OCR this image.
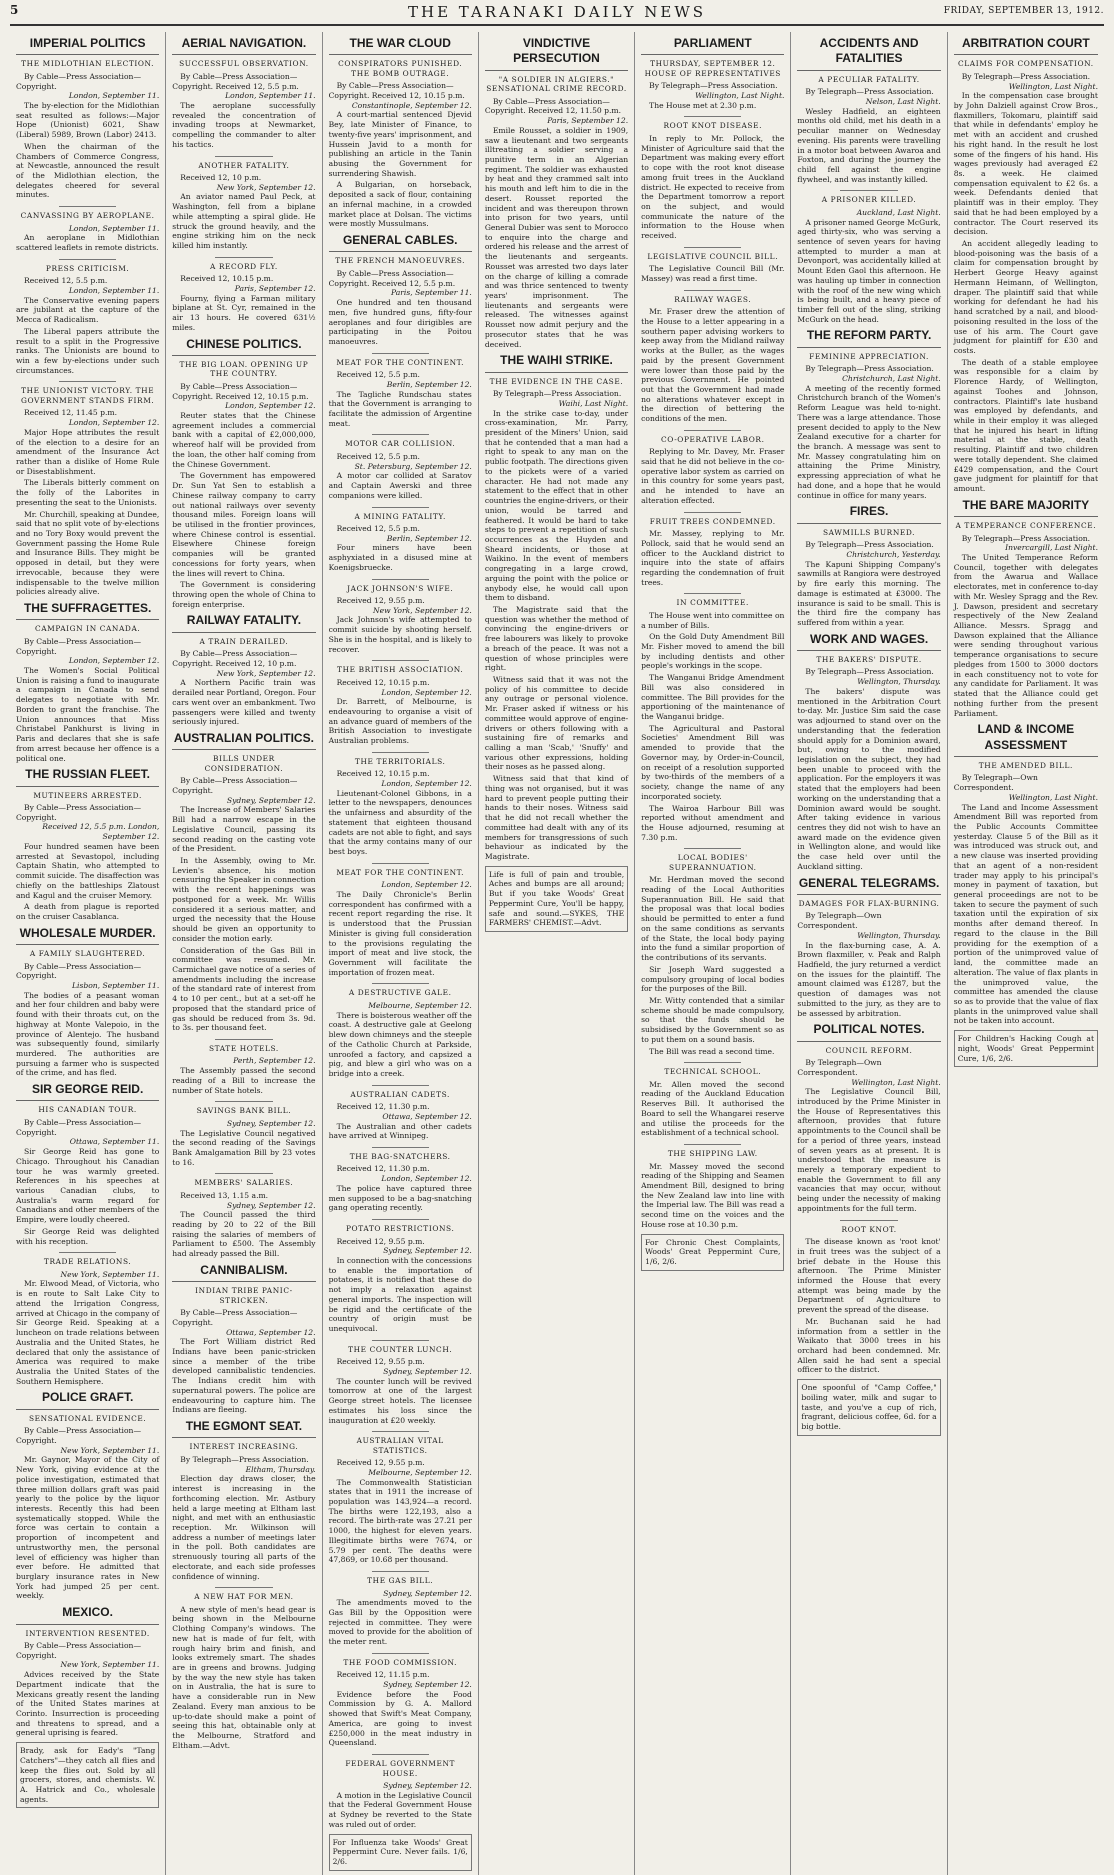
5	THE TARANAKI DAILY NEWS	FRIDAY, SEPTEMBER 13, 1912.
IMPERIAL POLITICS
THE MIDLOTHIAN ELECTION.

By Cable—Press Association—Copyright.

London, September 11.

The by-election for the Midlothian seat resulted as follows:—Major Hope (Unionist) 6021, Shaw (Liberal) 5989, Brown (Labor) 2413.

When the chairman of the Chambers of Commerce Congress, at Newcastle, announced the result of the Midlothian election, the delegates cheered for several minutes.

CANVASSING BY AEROPLANE.

London, September 11.

An aeroplane in Midlothian scattered leaflets in remote districts.

PRESS CRITICISM.

Received 12, 5.5 p.m.

London, September 11.

The Conservative evening papers are jubilant at the capture of the Mecca of Radicalism.

The Liberal papers attribute the result to a split in the Progressive ranks. The Unionists are bound to win a few by-elections under such circumstances.

THE UNIONIST VICTORY. THE GOVERNMENT STANDS FIRM.

Received 12, 11.45 p.m.

London, September 12.

Major Hope attributes the result of the election to a desire for an amendment of the Insurance Act rather than a dislike of Home Rule or Disestablishment.

The Liberals bitterly comment on the folly of the Laborites in presenting the seat to the Unionists.

Mr. Churchill, speaking at Dundee, said that no split vote of by-elections and no Tory Boxy would prevent the Government passing the Home Rule and Insurance Bills. They might be opposed in detail, but they were irrevocable, because they were indispensable to the twelve million policies already alive.

THE SUFFRAGETTES.
CAMPAIGN IN CANADA.

By Cable—Press Association—Copyright.

London, September 12.

The Women's Social Political Union is raising a fund to inaugurate a campaign in Canada to send delegates to negotiate with Mr. Borden to grant the franchise. The Union announces that Miss Christabel Pankhurst is living in Paris and declares that she is safe from arrest because her offence is a political one.

THE RUSSIAN FLEET.
MUTINEERS ARRESTED.

By Cable—Press Association—Copyright.

Received 12, 5.5 p.m. London, September 12.

Four hundred seamen have been arrested at Sevastopol, including Captain Shatin, who attempted to commit suicide. The disaffection was chiefly on the battleships Zlatoust and Kagul and the cruiser Memory.

A death from plague is reported on the cruiser Casablanca.

WHOLESALE MURDER.
A FAMILY SLAUGHTERED.

By Cable—Press Association—Copyright.

Lisbon, September 11.

The bodies of a peasant woman and her four children and baby were found with their throats cut, on the highway at Monte Valepoio, in the province of Alentejo. The husband was subsequently found, similarly murdered. The authorities are pursuing a farmer who is suspected of the crime, and has fled.

SIR GEORGE REID.
HIS CANADIAN TOUR.

By Cable—Press Association—Copyright.

Ottawa, September 11.

Sir George Reid has gone to Chicago. Throughout his Canadian tour he was warmly greeted. References in his speeches at various Canadian clubs, to Australia's warm regard for Canadians and other members of the Empire, were loudly cheered.

Sir George Reid was delighted with his reception.

TRADE RELATIONS.

New York, September 11.

Mr. Elwood Mead, of Victoria, who is en route to Salt Lake City to attend the Irrigation Congress, arrived at Chicago in the company of Sir George Reid. Speaking at a luncheon on trade relations between Australia and the United States, he declared that only the assistance of America was required to make Australia the United States of the Southern Hemisphere.

POLICE GRAFT.
SENSATIONAL EVIDENCE.

By Cable—Press Association—Copyright.

New York, September 11.

Mr. Gaynor, Mayor of the City of New York, giving evidence at the police investigation, estimated that three million dollars graft was paid yearly to the police by the liquor interests. Recently this had been systematically stopped. While the force was certain to contain a proportion of incompetent and untrustworthy men, the personal level of efficiency was higher than ever before. He admitted that burglary insurance rates in New York had jumped 25 per cent. weekly.

MEXICO.
INTERVENTION RESENTED.

By Cable—Press Association—Copyright.

New York, September 11.

Advices received by the State Department indicate that the Mexicans greatly resent the landing of the United States marines at Corinto. Insurrection is proceeding and threatens to spread, and a general uprising is feared.

Brady, ask for Eady's "Tang Catchers"—they catch all flies and keep the flies out. Sold by all grocers, stores, and chemists. W. A. Hatrick and Co., wholesale agents.
AERIAL NAVIGATION.
SUCCESSFUL OBSERVATION.

By Cable—Press Association—Copyright. Received 12, 5.5 p.m.

London, September 11.

The aeroplane successfully revealed the concentration of invading troops at Newmarket, compelling the commander to alter his tactics.

ANOTHER FATALITY.

Received 12, 10 p.m.

New York, September 12.

An aviator named Paul Peck, at Washington, fell from a biplane while attempting a spiral glide. He struck the ground heavily, and the engine striking him on the neck killed him instantly.

A RECORD FLY.

Received 12, 10.15 p.m.

Paris, September 12.

Fourny, flying a Farman military biplane at St. Cyr, remained in the air 13 hours. He covered 631½ miles.

CHINESE POLITICS.
THE BIG LOAN. OPENING UP THE COUNTRY.

By Cable—Press Association—Copyright. Received 12, 10.15 p.m.

London, September 12.

Reuter states that the Chinese agreement includes a commercial bank with a capital of £2,000,000, whereof half will be provided from the loan, the other half coming from the Chinese Government.

The Government has empowered Dr. Sun Yat Sen to establish a Chinese railway company to carry out national railways over seventy thousand miles. Foreign loans will be utilised in the frontier provinces, where Chinese control is essential. Elsewhere Chinese foreign companies will be granted concessions for forty years, when the lines will revert to China.

The Government is considering throwing open the whole of China to foreign enterprise.

RAILWAY FATALITY.
A TRAIN DERAILED.

By Cable—Press Association—Copyright. Received 12, 10 p.m.

New York, September 12.

A Northern Pacific train was derailed near Portland, Oregon. Four cars went over an embankment. Two passengers were killed and twenty seriously injured.

AUSTRALIAN POLITICS.
BILLS UNDER CONSIDERATION.

By Cable—Press Association—Copyright.

Sydney, September 12.

The Increase of Members' Salaries Bill had a narrow escape in the Legislative Council, passing its second reading on the casting vote of the President.

In the Assembly, owing to Mr. Levien's absence, his motion censuring the Speaker in connection with the recent happenings was postponed for a week. Mr. Willis considered it a serious matter, and urged the necessity that the House should be given an opportunity to consider the motion early.

Consideration of the Gas Bill in committee was resumed. Mr. Carmichael gave notice of a series of amendments including the increase of the standard rate of interest from 4 to 10 per cent., but at a set-off he proposed that the standard price of gas should be reduced from 3s. 9d. to 3s. per thousand feet.

STATE HOTELS.

Perth, September 12.

The Assembly passed the second reading of a Bill to increase the number of State hotels.

SAVINGS BANK BILL.

Sydney, September 12.

The Legislative Council negatived the second reading of the Savings Bank Amalgamation Bill by 23 votes to 16.

MEMBERS' SALARIES.

Received 13, 1.15 a.m.

Sydney, September 12.

The Council passed the third reading by 20 to 22 of the Bill raising the salaries of members of Parliament to £500. The Assembly had already passed the Bill.

CANNIBALISM.
INDIAN TRIBE PANIC-STRICKEN.

By Cable—Press Association—Copyright.

Ottawa, September 12.

The Fort William district Red Indians have been panic-stricken since a member of the tribe developed cannibalistic tendencies. The Indians credit him with supernatural powers. The police are endeavouring to capture him. The Indians are fleeing.

THE EGMONT SEAT.
INTEREST INCREASING.

By Telegraph—Press Association.

Eltham, Thursday.

Election day draws closer, the interest is increasing in the forthcoming election. Mr. Astbury held a large meeting at Eltham last night, and met with an enthusiastic reception. Mr. Wilkinson will address a number of meetings later in the poll. Both candidates are strenuously touring all parts of the electorate, and each side professes confidence of winning.

A NEW HAT FOR MEN.

A new style of men's head gear is being shown in the Melbourne Clothing Company's windows. The new hat is made of fur felt, with rough hairy brim and finish, and looks extremely smart. The shades are in greens and browns. Judging by the way the new style has taken on in Australia, the hat is sure to have a considerable run in New Zealand. Every man anxious to be up-to-date should make a point of seeing this hat, obtainable only at the Melbourne, Stratford and Eltham.—Advt.

THE WAR CLOUD
CONSPIRATORS PUNISHED. THE BOMB OUTRAGE.

By Cable—Press Association—Copyright. Received 12, 10.15 p.m.

Constantinople, September 12.

A court-martial sentenced Djevid Bey, late Minister of Finance, to twenty-five years' imprisonment, and Hussein Javid to a month for publishing an article in the Tanin abusing the Government for surrendering Shawish.

A Bulgarian, on horseback, deposited a sack of flour, containing an infernal machine, in a crowded market place at Dolsan. The victims were mostly Mussulmans.

GENERAL CABLES.
THE FRENCH MANOEUVRES.

By Cable—Press Association—Copyright. Received 12, 5.5 p.m.

Paris, September 11.

One hundred and ten thousand men, five hundred guns, fifty-four aeroplanes and four dirigibles are participating in the Poitou manoeuvres.

MEAT FOR THE CONTINENT.

Received 12, 5.5 p.m.

Berlin, September 12.

The Tagliche Rundschau states that the Government is arranging to facilitate the admission of Argentine meat.

MOTOR CAR COLLISION.

Received 12, 5.5 p.m.

St. Petersburg, September 12.

A motor car collided at Saratov and Captain Awerski and three companions were killed.

A MINING FATALITY.

Received 12, 5.5 p.m.

Berlin, September 12.

Four miners have been asphyxiated in a disused mine at Koenigsbruecke.

JACK JOHNSON'S WIFE.

Received 12, 9.55 p.m.

New York, September 12.

Jack Johnson's wife attempted to commit suicide by shooting herself. She is in the hospital, and is likely to recover.

THE BRITISH ASSOCIATION.

Received 12, 10.15 p.m.

London, September 12.

Dr. Barrett, of Melbourne, is endeavouring to organise a visit of an advance guard of members of the British Association to investigate Australian problems.

THE TERRITORIALS.

Received 12, 10.15 p.m.

London, September 12.

Lieutenant-Colonel Gibbons, in a letter to the newspapers, denounces the unfairness and absurdity of the statement that eighteen thousand cadets are not able to fight, and says that the army contains many of our best boys.

MEAT FOR THE CONTINENT.

London, September 12.

The Daily Chronicle's Berlin correspondent has confirmed with a recent report regarding the rise. It is understood that the Prussian Minister is giving full consideration to the provisions regulating the import of meat and live stock, the Government will facilitate the importation of frozen meat.

A DESTRUCTIVE GALE.

Melbourne, September 12.

There is boisterous weather off the coast. A destructive gale at Geelong blew down chimneys and the steeple of the Catholic Church at Parkside, unroofed a factory, and capsized a pig, and blew a girl who was on a bridge into a creek.

AUSTRALIAN CADETS.

Received 12, 11.30 p.m.

Ottawa, September 12.

The Australian and other cadets have arrived at Winnipeg.

THE BAG-SNATCHERS.

Received 12, 11.30 p.m.

London, September 12.

The police have captured three men supposed to be a bag-snatching gang operating recently.

POTATO RESTRICTIONS.

Received 12, 9.55 p.m.

Sydney, September 12.

In connection with the concessions to enable the importation of potatoes, it is notified that these do not imply a relaxation against general imports. The inspection will be rigid and the certificate of the country of origin must be unequivocal.

THE COUNTER LUNCH.

Received 12, 9.55 p.m.

Sydney, September 12.

The counter lunch will be revived tomorrow at one of the largest George street hotels. The licensee estimates his loss since the inauguration at £20 weekly.

AUSTRALIAN VITAL STATISTICS.

Received 12, 9.55 p.m.

Melbourne, September 12.

The Commonwealth Statistician states that in 1911 the increase of population was 143,924—a record. The births were 122,193, also a record. The birth-rate was 27.21 per 1000, the highest for eleven years. Illegitimate births were 7674, or 5.79 per cent. The deaths were 47,869, or 10.68 per thousand.

THE GAS BILL.

Sydney, September 12.

The amendments moved to the Gas Bill by the Opposition were rejected in committee. They were moved to provide for the abolition of the meter rent.

THE FOOD COMMISSION.

Received 12, 11.15 p.m.

Sydney, September 12.

Evidence before the Food Commission by G. A. Mallord showed that Swift's Meat Company, America, are going to invest £250,000 in the meat industry in Queensland.

FEDERAL GOVERNMENT HOUSE.

Sydney, September 12.

A motion in the Legislative Council that the Federal Government House at Sydney be reverted to the State was ruled out of order.

For Influenza take Woods' Great Peppermint Cure. Never fails. 1/6, 2/6.
VINDICTIVE PERSECUTION
"A SOLDIER IN ALGIERS." SENSATIONAL CRIME RECORD.

By Cable—Press Association—Copyright. Received 12, 11.50 p.m.

Paris, September 12.

Emile Rousset, a soldier in 1909, saw a lieutenant and two sergeants illtreating a soldier serving a punitive term in an Algerian regiment. The soldier was exhausted by heat and they crammed salt into his mouth and left him to die in the desert. Rousset reported the incident and was thereupon thrown into prison for two years, until General Dubier was sent to Morocco to enquire into the charge and ordered his release and the arrest of the lieutenants and sergeants. Rousset was arrested two days later on the charge of killing a comrade and was thrice sentenced to twenty years' imprisonment. The lieutenants and sergeants were released. The witnesses against Rousset now admit perjury and the prosecutor states that he was deceived.

THE WAIHI STRIKE.
THE EVIDENCE IN THE CASE.

By Telegraph—Press Association.

Waihi, Last Night.

In the strike case to-day, under cross-examination, Mr. Parry, president of the Miners' Union, said that he contended that a man had a right to speak to any man on the public footpath. The directions given to the pickets were of a varied character. He had not made any statement to the effect that in other countries the engine-drivers, or their union, would be tarred and feathered. It would be hard to take steps to prevent a repetition of such occurrences as the Huyden and Sheard incidents, or those at Waikino. In the event of members congregating in a large crowd, arguing the point with the police or anybody else, he would call upon them to disband.

The Magistrate said that the question was whether the method of convincing the engine-drivers or free labourers was likely to provoke a breach of the peace. It was not a question of whose principles were right.

Witness said that it was not the policy of his committee to decide any outrage or personal violence. Mr. Fraser asked if witness or his committee would approve of engine-drivers or others following with a sustaining fire of remarks and calling a man 'Scab,' 'Snuffy' and various other expressions, holding their noses as he passed along.

Witness said that that kind of thing was not organised, but it was hard to prevent people putting their hands to their noses. Witness said that he did not recall whether the committee had dealt with any of its members for transgressions of such behaviour as indicated by the Magistrate.

Life is full of pain and trouble, Aches and bumps are all around; But if you take Woods' Great Peppermint Cure, You'll be happy, safe and sound.—SYKES, THE FARMERS' CHEMIST.—Advt.
PARLIAMENT
THURSDAY, SEPTEMBER 12. HOUSE OF REPRESENTATIVES

By Telegraph—Press Association.

Wellington, Last Night.

The House met at 2.30 p.m.

ROOT KNOT DISEASE.

In reply to Mr. Pollock, the Minister of Agriculture said that the Department was making every effort to cope with the root knot disease among fruit trees in the Auckland district. He expected to receive from the Department tomorrow a report on the subject, and would communicate the nature of the information to the House when received.

LEGISLATIVE COUNCIL BILL.

The Legislative Council Bill (Mr. Massey) was read a first time.

RAILWAY WAGES.

Mr. Fraser drew the attention of the House to a letter appearing in a southern paper advising workers to keep away from the Midland railway works at the Buller, as the wages paid by the present Government were lower than those paid by the previous Government. He pointed out that the Government had made no alterations whatever except in the direction of bettering the conditions of the men.

CO-OPERATIVE LABOR.

Replying to Mr. Davey, Mr. Fraser said that he did not believe in the co-operative labor system as carried on in this country for some years past, and he intended to have an alteration effected.

FRUIT TREES CONDEMNED.

Mr. Massey, replying to Mr. Pollock, said that he would send an officer to the Auckland district to inquire into the state of affairs regarding the condemnation of fruit trees.

IN COMMITTEE.

The House went into committee on a number of Bills.

On the Gold Duty Amendment Bill Mr. Fisher moved to amend the bill by including dentists and other people's workings in the scope.

The Wanganui Bridge Amendment Bill was also considered in committee. The Bill provides for the apportioning of the maintenance of the Wanganui bridge.

The Agricultural and Pastoral Societies' Amendment Bill was amended to provide that the Governor may, by Order-in-Council, on receipt of a resolution supported by two-thirds of the members of a society, change the name of any incorporated society.

The Wairoa Harbour Bill was reported without amendment and the House adjourned, resuming at 7.30 p.m.

LOCAL BODIES' SUPERANNUATION.

Mr. Herdman moved the second reading of the Local Authorities Superannuation Bill. He said that the proposal was that local bodies should be permitted to enter a fund on the same conditions as servants of the State, the local body paying into the fund a similar proportion of the contributions of its servants.

Sir Joseph Ward suggested a compulsory grouping of local bodies for the purposes of the Bill.

Mr. Witty contended that a similar scheme should be made compulsory, so that the funds should be subsidised by the Government so as to put them on a sound basis.

The Bill was read a second time.

TECHNICAL SCHOOL.

Mr. Allen moved the second reading of the Auckland Education Reserves Bill. It authorised the Board to sell the Whangarei reserve and utilise the proceeds for the establishment of a technical school.

THE SHIPPING LAW.

Mr. Massey moved the second reading of the Shipping and Seamen Amendment Bill, designed to bring the New Zealand law into line with the Imperial law. The Bill was read a second time on the voices and the House rose at 10.30 p.m.

For Chronic Chest Complaints, Woods' Great Peppermint Cure, 1/6, 2/6.
ACCIDENTS AND FATALITIES
A PECULIAR FATALITY.

By Telegraph—Press Association.

Nelson, Last Night.

Wesley Hadfield, an eighteen months old child, met his death in a peculiar manner on Wednesday evening. His parents were travelling in a motor boat between Awaroa and Foxton, and during the journey the child fell against the engine flywheel, and was instantly killed.

A PRISONER KILLED.

Auckland, Last Night.

A prisoner named George McGurk, aged thirty-six, who was serving a sentence of seven years for having attempted to murder a man at Devonport, was accidentally killed at Mount Eden Gaol this afternoon. He was hauling up timber in connection with the roof of the new wing which is being built, and a heavy piece of timber fell out of the sling, striking McGurk on the head.

THE REFORM PARTY.
FEMININE APPRECIATION.

By Telegraph—Press Association.

Christchurch, Last Night.

A meeting of the recently formed Christchurch branch of the Women's Reform League was held to-night. There was a large attendance. Those present decided to apply to the New Zealand executive for a charter for the branch. A message was sent to Mr. Massey congratulating him on attaining the Prime Ministry, expressing appreciation of what he had done, and a hope that he would continue in office for many years.

FIRES.
SAWMILLS BURNED.

By Telegraph—Press Association.

Christchurch, Yesterday.

The Kapuni Shipping Company's sawmills at Rangiora were destroyed by fire early this morning. The damage is estimated at £3000. The insurance is said to be small. This is the third fire the company has suffered from within a year.

WORK AND WAGES.
THE BAKERS' DISPUTE.

By Telegraph—Press Association.

Wellington, Thursday.

The bakers' dispute was mentioned in the Arbitration Court to-day. Mr. Justice Sim said the case was adjourned to stand over on the understanding that the federation should apply for a Dominion award, but, owing to the modified legislation on the subject, they had been unable to proceed with the application. For the employers it was stated that the employers had been working on the understanding that a Dominion award would be sought. After taking evidence in various centres they did not wish to have an award made on the evidence given in Wellington alone, and would like the case held over until the Auckland sitting.

GENERAL TELEGRAMS.
DAMAGES FOR FLAX-BURNING.

By Telegraph—Own Correspondent.

Wellington, Thursday.

In the flax-burning case, A. A. Brown flaxmiller, v. Peak and Ralph Hadfield, the jury returned a verdict on the issues for the plaintiff. The amount claimed was £1287, but the question of damages was not submitted to the jury, as they are to be assessed by arbitration.

POLITICAL NOTES.
COUNCIL REFORM.

By Telegraph—Own Correspondent.

Wellington, Last Night.

The Legislative Council Bill, introduced by the Prime Minister in the House of Representatives this afternoon, provides that future appointments to the Council shall be for a period of three years, instead of seven years as at present. It is understood that the measure is merely a temporary expedient to enable the Government to fill any vacancies that may occur, without being under the necessity of making appointments for the full term.

ROOT KNOT.

The disease known as 'root knot' in fruit trees was the subject of a brief debate in the House this afternoon. The Prime Minister informed the House that every attempt was being made by the Department of Agriculture to prevent the spread of the disease.

Mr. Buchanan said he had information from a settler in the Waikato that 3000 trees in his orchard had been condemned. Mr. Allen said he had sent a special officer to the district.

One spoonful of "Camp Coffee," boiling water, milk and sugar to taste, and you've a cup of rich, fragrant, delicious coffee, 6d. for a big bottle.
ARBITRATION COURT
CLAIMS FOR COMPENSATION.

By Telegraph—Press Association.

Wellington, Last Night.

In the compensation case brought by John Dalziell against Crow Bros., flaxmillers, Tokomaru, plaintiff said that while in defendants' employ he met with an accident and crushed his right hand. In the result he lost some of the fingers of his hand. His wages previously had averaged £2 8s. a week. He claimed compensation equivalent to £2 6s. a week. Defendants denied that plaintiff was in their employ. They said that he had been employed by a contractor. The Court reserved its decision.

An accident allegedly leading to blood-poisoning was the basis of a claim for compensation brought by Herbert George Heavy against Hermann Heimann, of Wellington, draper. The plaintiff said that while working for defendant he had his hand scratched by a nail, and blood-poisoning resulted in the loss of the use of his arm. The Court gave judgment for plaintiff for £30 and costs.

The death of a stable employee was responsible for a claim by Florence Hardy, of Wellington, against Toohes and Johnson, contractors. Plaintiff's late husband was employed by defendants, and while in their employ it was alleged that he injured his heart in lifting material at the stable, death resulting. Plaintiff and two children were totally dependent. She claimed £429 compensation, and the Court gave judgment for plaintiff for that amount.

THE BARE MAJORITY
A TEMPERANCE CONFERENCE.

By Telegraph—Press Association.

Invercargill, Last Night.

The United Temperance Reform Council, together with delegates from the Awarua and Wallace electorates, met in conference to-day with Mr. Wesley Spragg and the Rev. J. Dawson, president and secretary respectively of the New Zealand Alliance. Messrs. Spragg and Dawson explained that the Alliance were sending throughout various temperance organisations to secure pledges from 1500 to 3000 doctors in each constituency not to vote for any candidate for Parliament. It was stated that the Alliance could get nothing further from the present Parliament.

LAND & INCOME ASSESSMENT
THE AMENDED BILL.

By Telegraph—Own Correspondent.

Wellington, Last Night.

The Land and Income Assessment Amendment Bill was reported from the Public Accounts Committee yesterday. Clause 5 of the Bill as it was introduced was struck out, and a new clause was inserted providing that an agent of a non-resident trader may apply to his principal's money in payment of taxation, but general proceedings are not to be taken to secure the payment of such taxation until the expiration of six months after demand thereof. In regard to the clause in the Bill providing for the exemption of a portion of the unimproved value of land, the committee made an alteration. The value of flax plants in the unimproved value, the committee has amended the clause so as to provide that the value of flax plants in the unimproved value shall not be taken into account.

For Children's Hacking Cough at night, Woods' Great Peppermint Cure, 1/6, 2/6.
